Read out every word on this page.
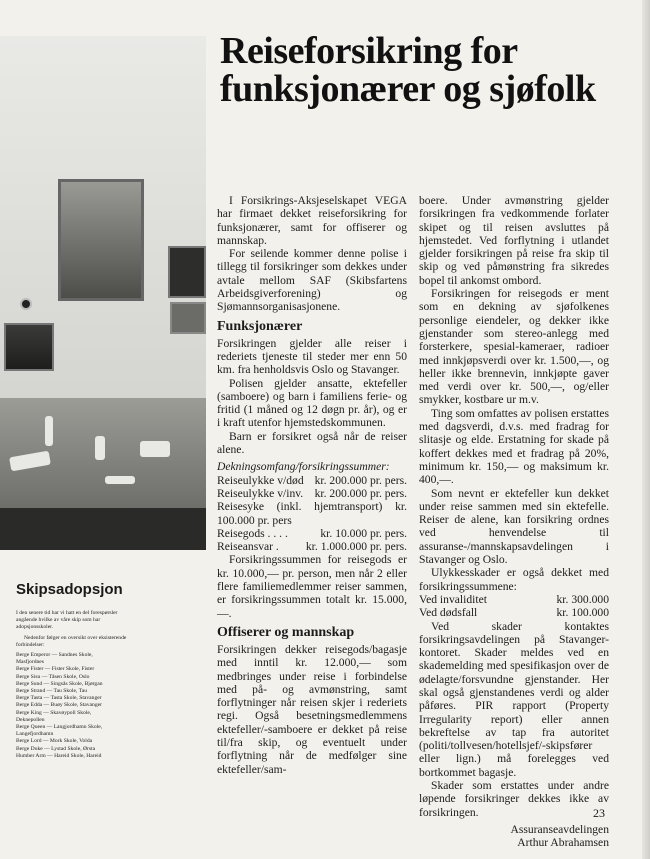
Reiseforsikring for
funksjonærer og sjøfolk

I Forsikrings-Aksjeselskapet VEGA har firmaet dekket reiseforsikring for funksjonærer, samt for offiserer og mannskap.

For seilende kommer denne polise i tillegg til forsikringer som dekkes under avtale mellom SAF (Skibsfartens Arbeidsgiverforening) og Sjømannsorganisasjonene.

Funksjonærer

Forsikringen gjelder alle reiser i rederiets tjeneste til steder mer enn 50 km. fra henholdsvis Oslo og Stavanger.

Polisen gjelder ansatte, ektefeller (samboere) og barn i familiens ferie- og fritid (1 måned og 12 døgn pr. år), og er i kraft utenfor hjemstedskommunen.

Barn er forsikret også når de reiser alene.

Dekningsomfang/forsikringssummer:

Reiseulykke v/død kr. 200.000 pr. pers.
Reiseulykke v/inv. kr. 200.000 pr. pers.
Reisesyke (inkl. hjemtransport) kr. 100.000 pr. pers
Reisegods . . . .	kr. 10.000 pr. pers.
Reiseansvar . kr. 1.000.000 pr. pers.

Forsikringssummen for reisegods er kr. 10.000,— pr. person, men når 2 eller flere familiemedlemmer reiser sammen, er forsikringssummen totalt kr. 15.000,—.

Offiserer og mannskap

Forsikringen dekker reisegods/bagasje med inntil kr. 12.000,— som medbringes under reise i forbindelse med på- og avmønstring, samt forflytninger når reisen skjer i rederiets regi. Også besetningsmedlemmens ektefeller/-samboere er dekket på reise til/fra skip, og eventuelt under forflytning når de medfølger sine ektefeller/sam-

boere. Under avmønstring gjelder forsikringen fra vedkommende forlater skipet og til reisen avsluttes på hjemstedet. Ved forflytning i utlandet gjelder forsikringen på reise fra skip til skip og ved påmønstring fra sikredes bopel til ankomst ombord.

Forsikringen for reisegods er ment som en dekning av sjøfolkenes personlige eiendeler, og dekker ikke gjenstander som stereo-anlegg med forsterkere, spesial-kameraer, radioer med innkjøpsverdi over kr. 1.500,—, og heller ikke brennevin, innkjøpte gaver med verdi over kr. 500,—, og/eller smykker, kostbare ur m.v.

Ting som omfattes av polisen erstattes med dagsverdi, d.v.s. med fradrag for slitasje og elde. Erstatning for skade på koffert dekkes med et fradrag på 20%, minimum kr. 150,— og maksimum kr. 400,—.

Som nevnt er ektefeller kun dekket under reise sammen med sin ektefelle. Reiser de alene, kan forsikring ordnes ved henvendelse til assuranse-/mannskapsavdelingen i Stavanger og Oslo.

Ulykkesskader er også dekket med forsikringssummene:

Ved invaliditet	kr. 300.000
Ved dødsfall	kr. 100.000

Ved skader kontaktes forsikringsavdelingen på Stavanger-kontoret. Skader meldes ved en skademelding med spesifikasjon over de ødelagte/forsvundne gjenstander. Her skal også gjenstandenes verdi og alder påføres. PIR rapport (Property Irregularity report) eller annen bekreftelse av tap fra autoritet (politi/tollvesen/hotellsjef/-skipsfører eller lign.) må forelegges ved bortkommet bagasje.

Skader som erstattes under andre løpende forsikringer dekkes ikke av forsikringen.

Assuranseavdelingen

Arthur Abrahamsen

Skipsadopsjon

I den senere tid har vi hatt en del forespørsler angående hvilke av våre skip som har adopsjonsskoler.

Nedenfor følger en oversikt over eksisterende forbindelser:

Berge Emperor — Sandnes Skole,
Masfjordnes
Berge Fister — Fister Skole, Fister
Berge Sisu — Tåsen Skole, Oslo
Berge Sund — Singsås Skole, Bjørgan
Berge Strand — Tau Skole, Tau
Berge Tasta — Tasta Skole, Stavanger
Berge Edda — Buøy Skole, Stavanger
Berge King — Skavøypoll Skole,
Deknepollen
Berge Queen — Langjordhamn Skole,
Langefjordhamn
Berge Lord — Mork Skole, Volda
Berge Duke — Lystad Skole, Ørsta
Humber Arm — Hareid Skole, Hareid
23
